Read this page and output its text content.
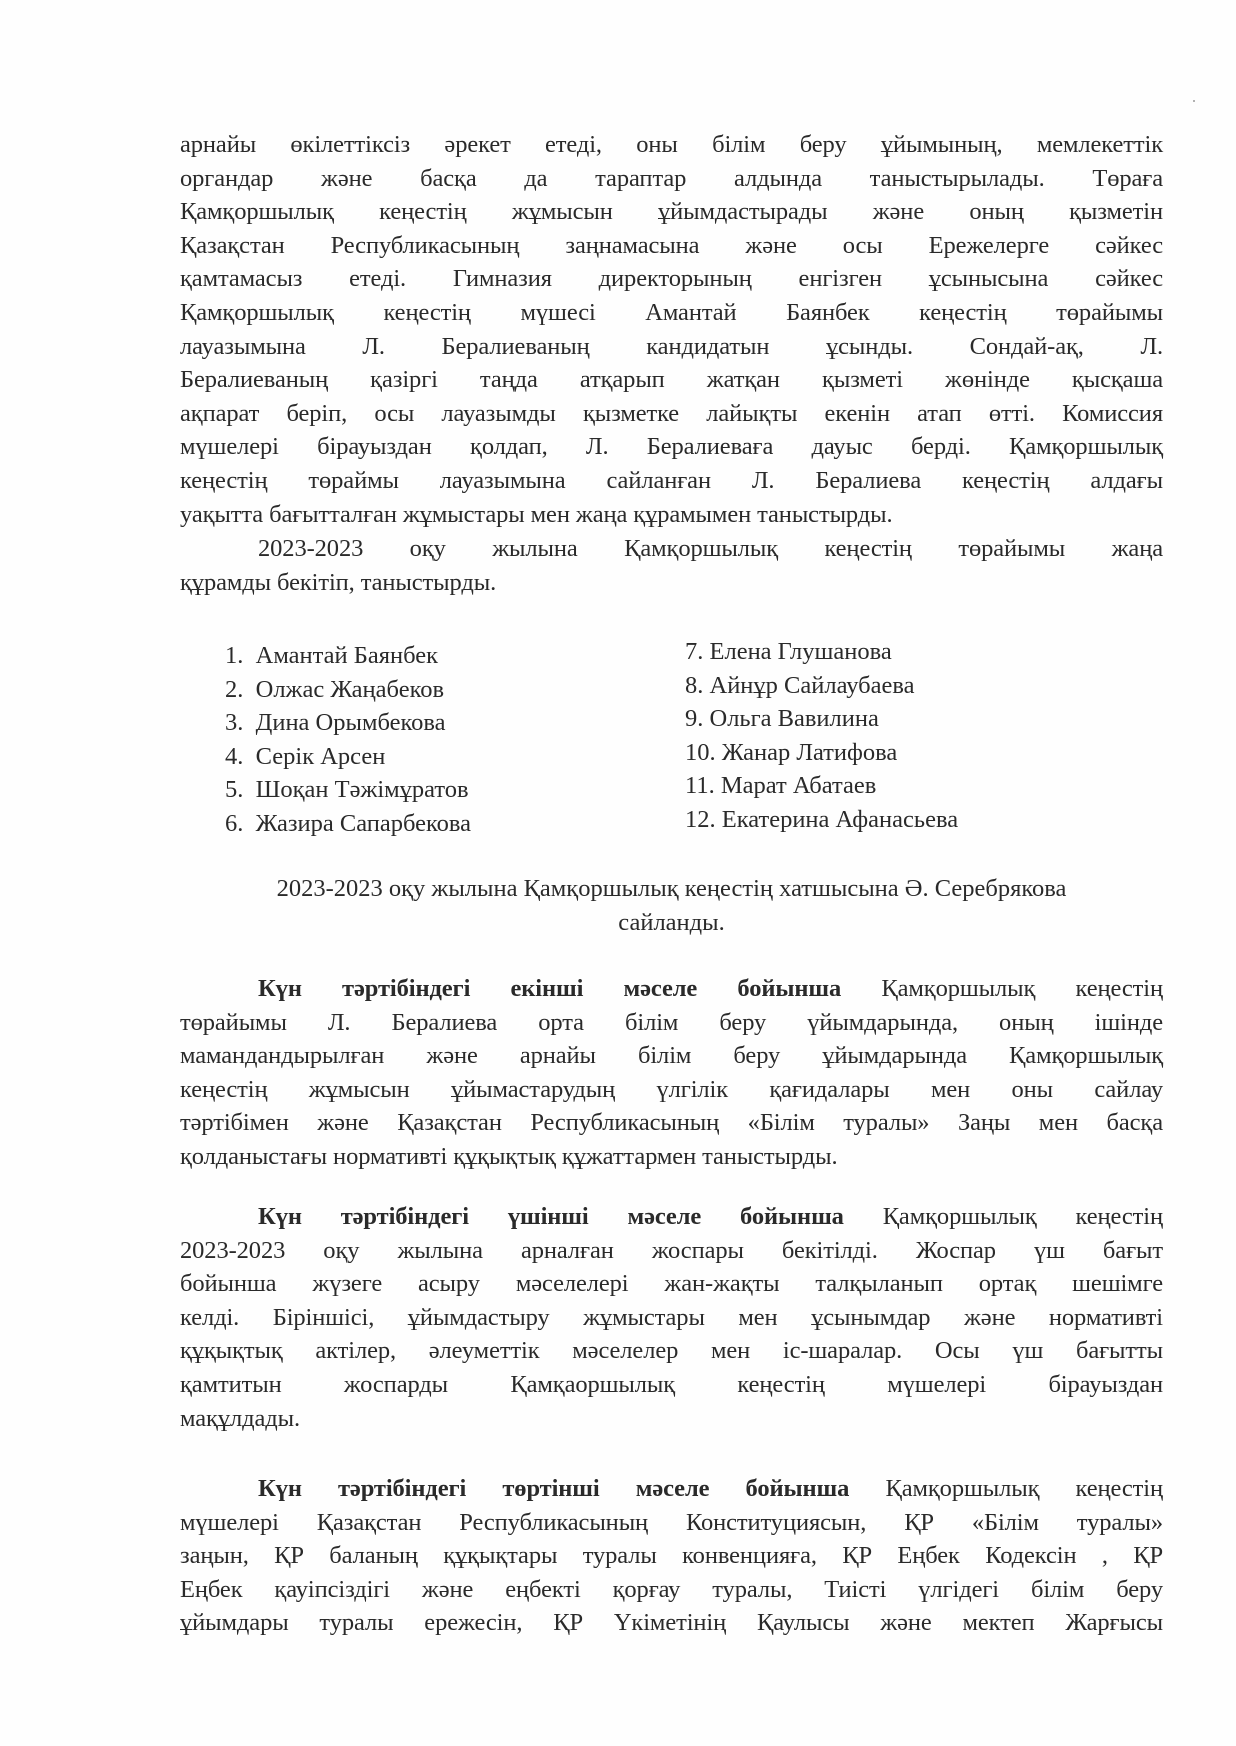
арнайы өкілеттіксіз әрекет етеді, оны білім беру ұйымының, мемлекеттік
органдар және басқа да тараптар алдында таныстырылады. Төраға
Қамқоршылық кеңестің жұмысын ұйымдастырады және оның қызметін
Қазақстан Республикасының заңнамасына және осы Ережелерге сәйкес
қамтамасыз етеді. Гимназия директорының енгізген ұсынысына сәйкес
Қамқоршылық кеңестің мүшесі Амантай Баянбек кеңестің төрайымы
лауазымына Л. Бералиеваның кандидатын ұсынды. Сондай-ақ, Л.
Бералиеваның қазіргі таңда атқарып жатқан қызметі жөнінде қысқаша
ақпарат беріп, осы лауазымды қызметке лайықты екенін атап өтті. Комиссия
мүшелері бірауыздан қолдап, Л. Бералиеваға дауыс берді. Қамқоршылық
кеңестің төраймы лауазымына сайланған Л. Бералиева кеңестің алдағы
уақытта бағытталған жұмыстары мен жаңа құрамымен таныстырды.
2023-2023 оқу жылына Қамқоршылық кеңестің төрайымы жаңа
құрамды бекітіп, таныстырды.
1. Амантай Баянбек
2. Олжас Жаңабеков
3. Дина Орымбекова
4. Серік Арсен
5. Шоқан Тәжімұратов
6. Жазира Сапарбекова
7. Елена Глушанова
8. Айнұр Сайлаубаева
9. Ольга Вавилина
10. Жанар Латифова
11. Марат Абатаев
12. Екатерина Афанасьева
2023-2023 оқу жылына Қамқоршылық кеңестің хатшысына Ә. Серебрякова
сайланды.
Күн тәртібіндегі екінші мәселе бойынша Қамқоршылық кеңестің
төрайымы Л. Бералиева орта білім беру үйымдарында, оның ішінде
мамандандырылған және арнайы білім беру ұйымдарында Қамқоршылық
кеңестің жұмысын ұйымастарудың үлгілік қағидалары мен оны сайлау
тәртібімен және Қазақстан Республикасының «Білім туралы» Заңы мен басқа
қолданыстағы нормативті құқықтық құжаттармен таныстырды.
Күн тәртібіндегі үшінші мәселе бойынша Қамқоршылық кеңестің
2023-2023 оқу жылына арналған жоспары бекітілді. Жоспар үш бағыт
бойынша жүзеге асыру мәселелері жан-жақты талқыланып ортақ шешімге
келді. Біріншісі, ұйымдастыру жұмыстары мен ұсынымдар және нормативті
құқықтық актілер, әлеуметтік мәселелер мен іс-шаралар. Осы үш бағытты
қамтитын жоспарды Қамқаоршылық кеңестің мүшелері бірауыздан
мақұлдады.
Күн тәртібіндегі төртінші мәселе бойынша Қамқоршылық кеңестің
мүшелері Қазақстан Республикасының Конституциясын, ҚР «Білім туралы»
заңын, ҚР баланың құқықтары туралы конвенцияға, ҚР Еңбек Кодексін , ҚР
Еңбек қауіпсіздігі және еңбекті қорғау туралы, Тиісті үлгідегі білім беру
ұйымдары туралы ережесін, ҚР Үкіметінің Қаулысы және мектеп Жарғысы
